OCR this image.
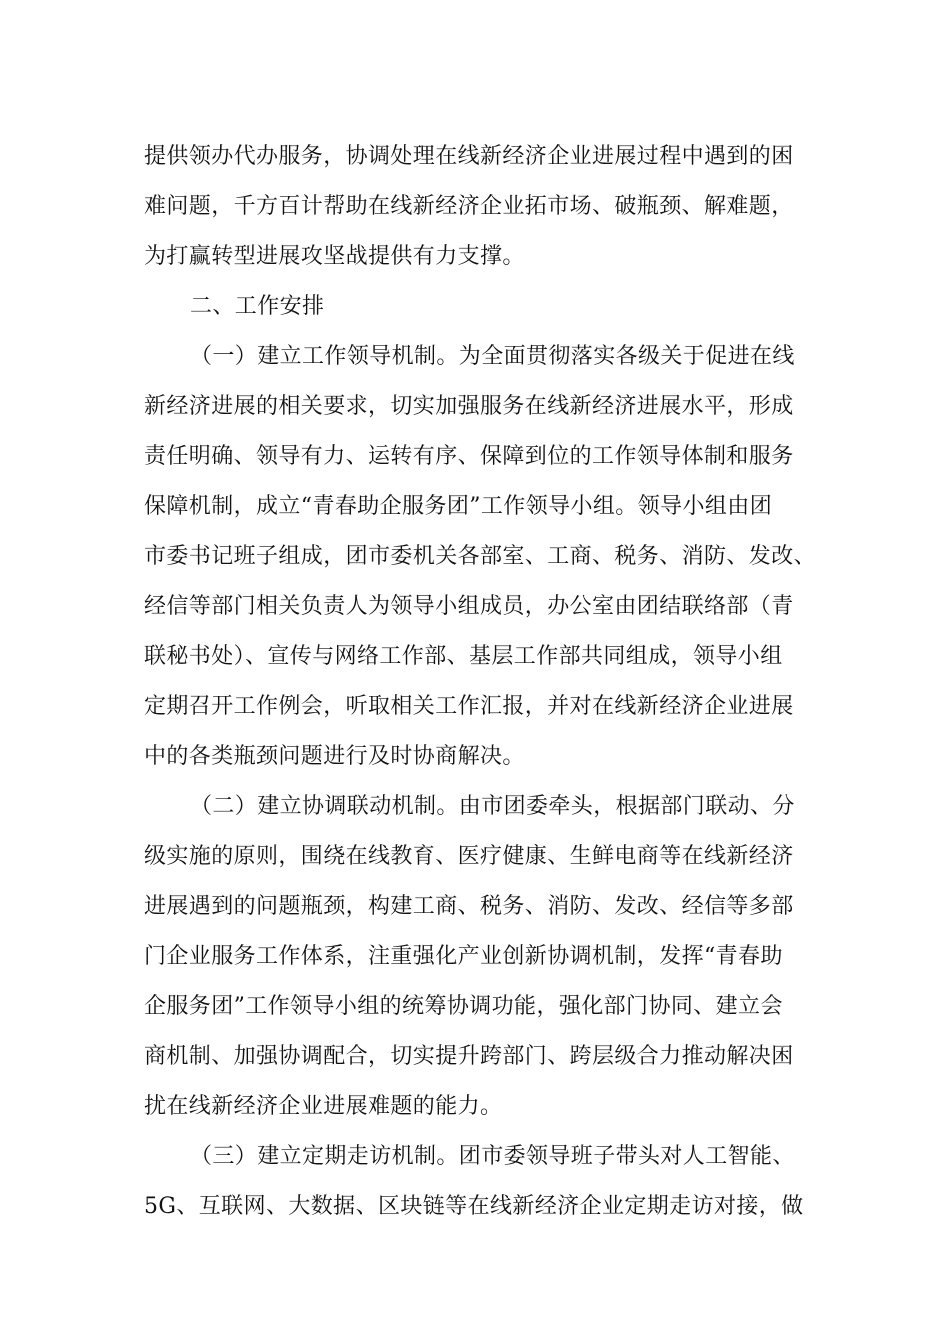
提供领办代办服务，协调处理在线新经济企业进展过程中遇到的困
难问题，千方百计帮助在线新经济企业拓市场、破瓶颈、解难题，
为打赢转型进展攻坚战提供有力支撑。
二、工作安排
（一）建立工作领导机制。为全面贯彻落实各级关于促进在线
新经济进展的相关要求，切实加强服务在线新经济进展水平，形成
责任明确、领导有力、运转有序、保障到位的工作领导体制和服务
保障机制，成立“青春助企服务团”工作领导小组。领导小组由团
市委书记班子组成，团市委机关各部室、工商、税务、消防、发改、
经信等部门相关负责人为领导小组成员，办公室由团结联络部（青
联秘书处）、宣传与网络工作部、基层工作部共同组成，领导小组
定期召开工作例会，听取相关工作汇报，并对在线新经济企业进展
中的各类瓶颈问题进行及时协商解决。
（二）建立协调联动机制。由市团委牵头，根据部门联动、分
级实施的原则，围绕在线教育、医疗健康、生鲜电商等在线新经济
进展遇到的问题瓶颈，构建工商、税务、消防、发改、经信等多部
门企业服务工作体系，注重强化产业创新协调机制，发挥“青春助
企服务团”工作领导小组的统筹协调功能，强化部门协同、建立会
商机制、加强协调配合，切实提升跨部门、跨层级合力推动解决困
扰在线新经济企业进展难题的能力。
（三）建立定期走访机制。团市委领导班子带头对人工智能、
5G、互联网、大数据、区块链等在线新经济企业定期走访对接，做
